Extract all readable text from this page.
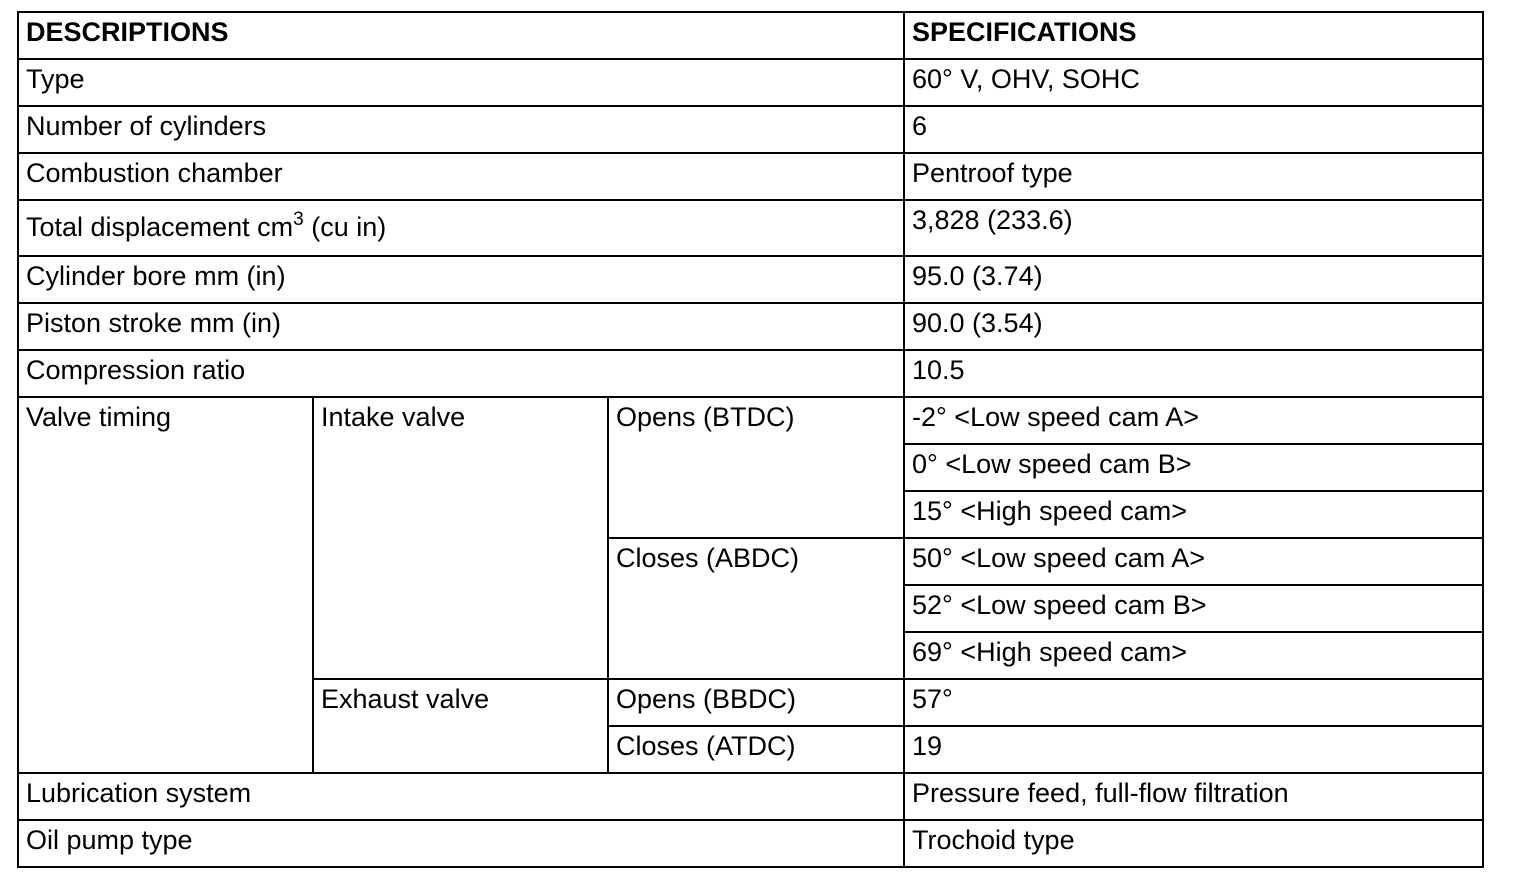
DESCRIPTIONS			SPECIFICATIONS
Type			60° V, OHV, SOHC
Number of cylinders			6
Combustion chamber			Pentroof type
Total displacement $cm^3$ (cu in)			3,828 (233.6)
Cylinder bore mm (in)			95.0 (3.74)
Piston stroke mm (in)			90.0 (3.54)
Compression ratio			10.5
Valve timing	Intake valve	Opens (BTDC)	-2° <Low speed cam A>
			0° <Low speed cam B>
			15° <High speed cam>
		Closes (ABDC)	50° <Low speed cam A>
			52° <Low speed cam B>
			69° <High speed cam>
	Exhaust valve	Opens (BBDC)	57°
		Closes (ATDC)	19
Lubrication system			Pressure feed, full-flow filtration
Oil pump type			Trochoid type
